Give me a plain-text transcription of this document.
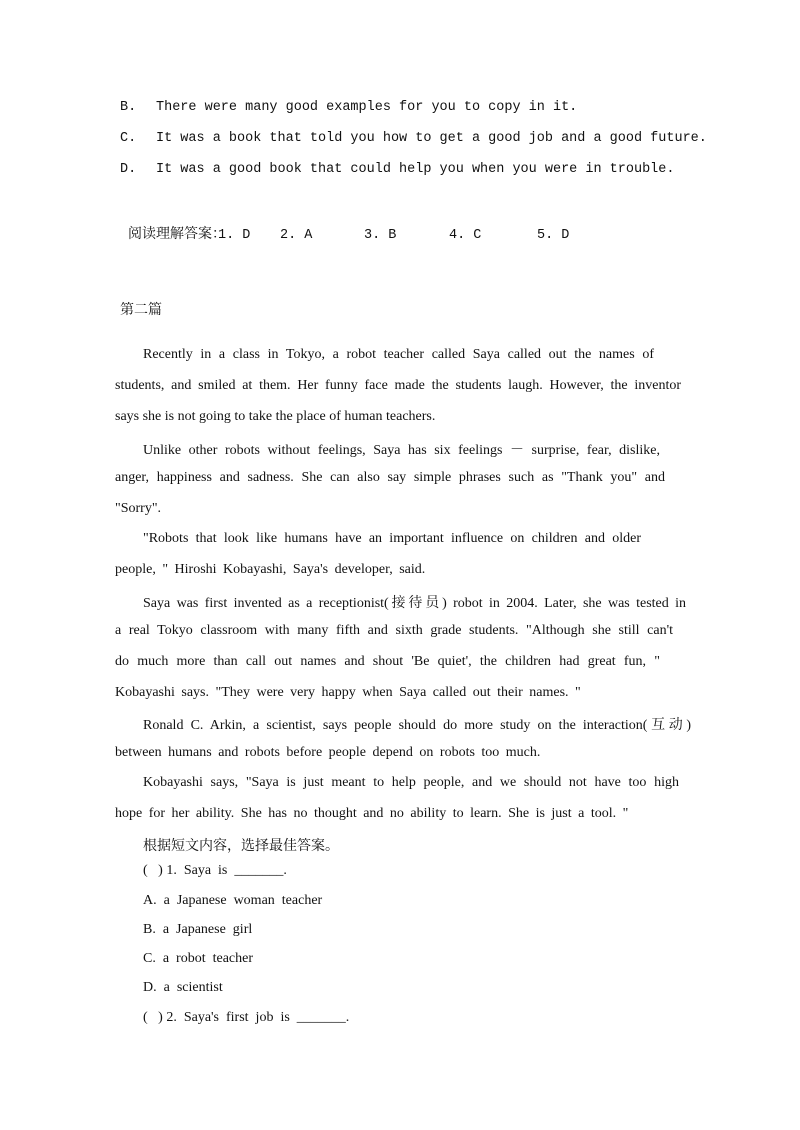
B. There were many good examples for you to copy in it.
C. It was a book that told you how to get a good job and a good future.
D. It was a good book that could help you when you were in trouble.

阅读理解答案：1. D 2. A	3. B	4. C	5. D

第二篇
Recently in a class in Tokyo, a robot teacher called Saya called out the names of
students, and smiled at them. Her funny face made the students laugh. However, the inventor
says she is not going to take the place of human teachers.
Unlike other robots without feelings, Saya has six feelings － surprise, fear, dislike,
anger, happiness and sadness. She can also say simple phrases such as "Thank you" and
"Sorry".
"Robots that look like humans have an important influence on children and older
people, " Hiroshi Kobayashi, Saya's developer, said.
Saya was first invented as a receptionist(接待员) robot in 2004. Later, she was tested in
a real Tokyo classroom with many fifth and sixth grade students. "Although she still can't
do much more than call out names and shout 'Be quiet', the children had great fun, "
Kobayashi says. "They were very happy when Saya called out their names. "
Ronald C. Arkin, a scientist, says people should do more study on the interaction(互动)
between humans and robots before people depend on robots too much.
Kobayashi says, "Saya is just meant to help people, and we should not have too high
hope for her ability. She has no thought and no ability to learn. She is just a tool. "
根据短文内容，选择最佳答案。
(   ) 1.  Saya  is  _______.
A.  a  Japanese  woman  teacher
B.  a  Japanese  girl
C.  a  robot  teacher
D.  a  scientist
(   ) 2.  Saya's  first  job  is  _______.
